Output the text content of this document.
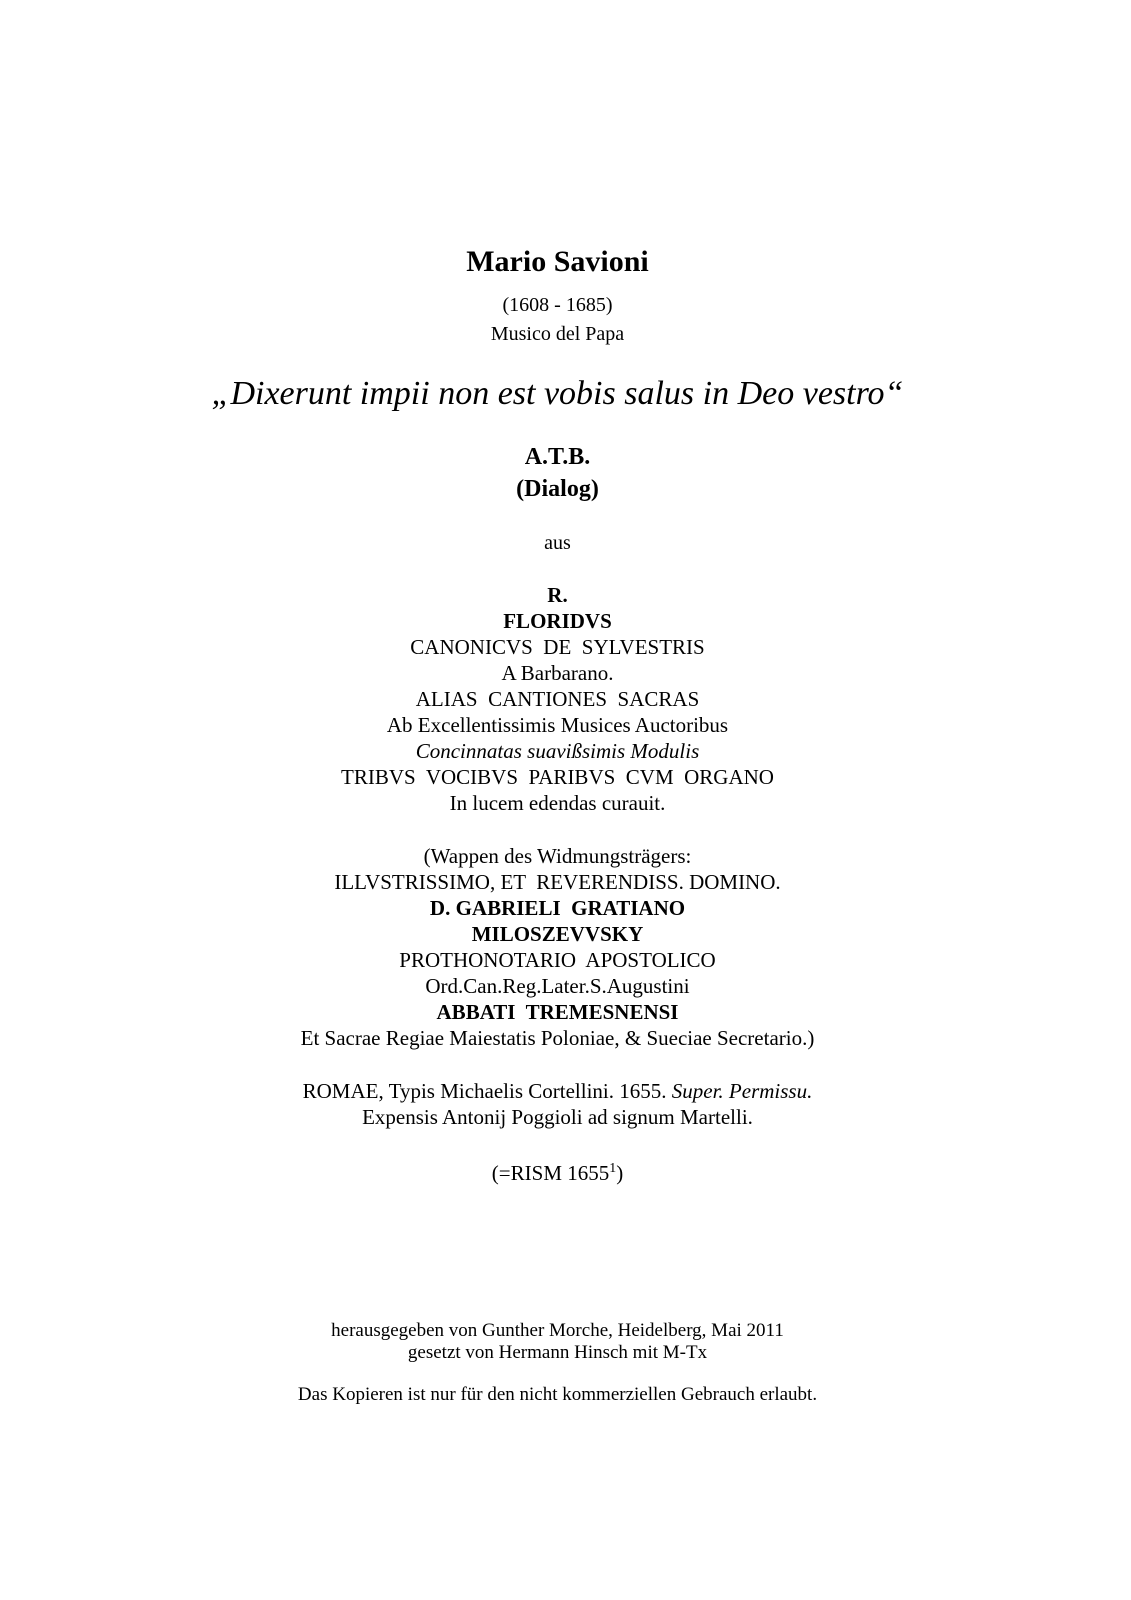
Mario Savioni
(1608 - 1685)
Musico del Papa
„Dixerunt impii non est vobis salus in Deo vestro“
A.T.B.
(Dialog)
aus
R.
FLORIDVS
CANONICVS  DE  SYLVESTRIS
A Barbarano.
ALIAS  CANTIONES  SACRAS
Ab Excellentissimis Musices Auctoribus
Concinnatas suavißsimis Modulis
TRIBVS  VOCIBVS  PARIBVS  CVM  ORGANO
In lucem edendas curauit.
(Wappen des Widmungsträgers:
ILLVSTRISSIMO, ET  REVERENDISS. DOMINO.
D. GABRIELI  GRATIANO
MILOSZEVVSKY
PROTHONOTARIO  APOSTOLICO
Ord.Can.Reg.Later.S.Augustini
ABBATI  TREMESNENSI
Et Sacrae Regiae Maiestatis Poloniae, & Sueciae Secretario.)
ROMAE, Typis Michaelis Cortellini. 1655. Super. Permissu.
Expensis Antonij Poggioli ad signum Martelli.
(=RISM 1655$^1$)
herausgegeben von Gunther Morche, Heidelberg, Mai 2011
gesetzt von Hermann Hinsch mit M-Tx
Das Kopieren ist nur für den nicht kommerziellen Gebrauch erlaubt.
